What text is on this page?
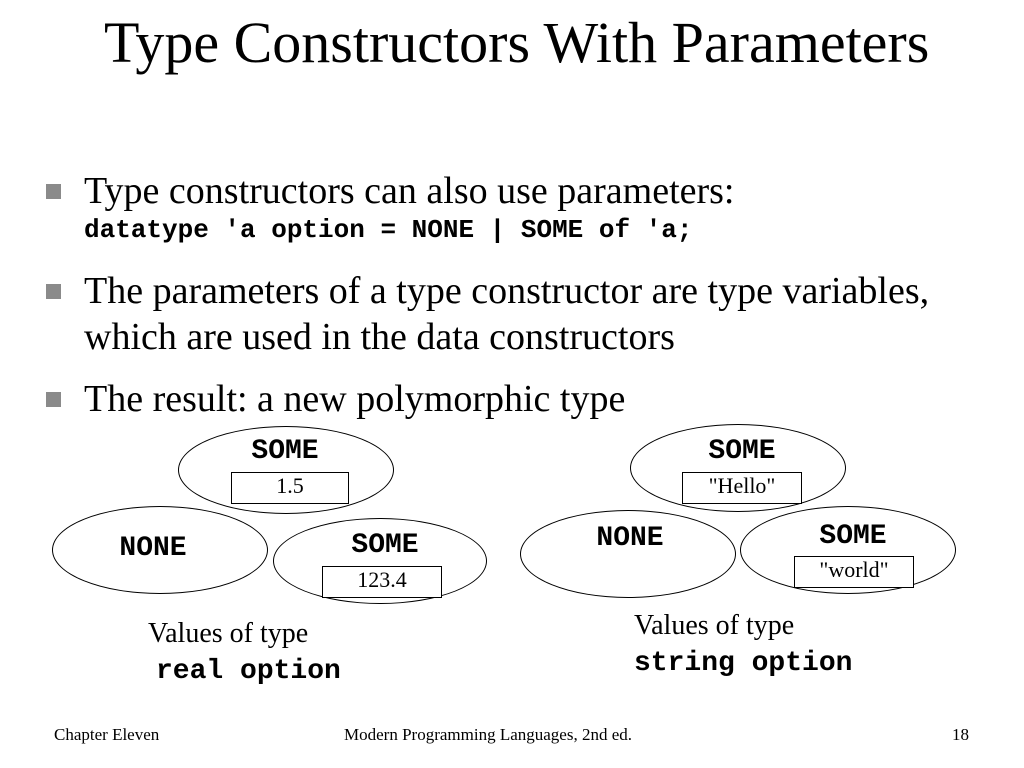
Type Constructors With Parameters
Type constructors can also use parameters:
datatype 'a option = NONE | SOME of 'a;
The parameters of a type constructor are type variables, which are used in the data constructors
The result: a new polymorphic type
SOME
1.5
NONE	SOME
123.4
Values of type
real option
SOME
"Hello"
NONE	SOME
"world"
Values of type
string option
Chapter Eleven	Modern Programming Languages, 2nd ed.	18
